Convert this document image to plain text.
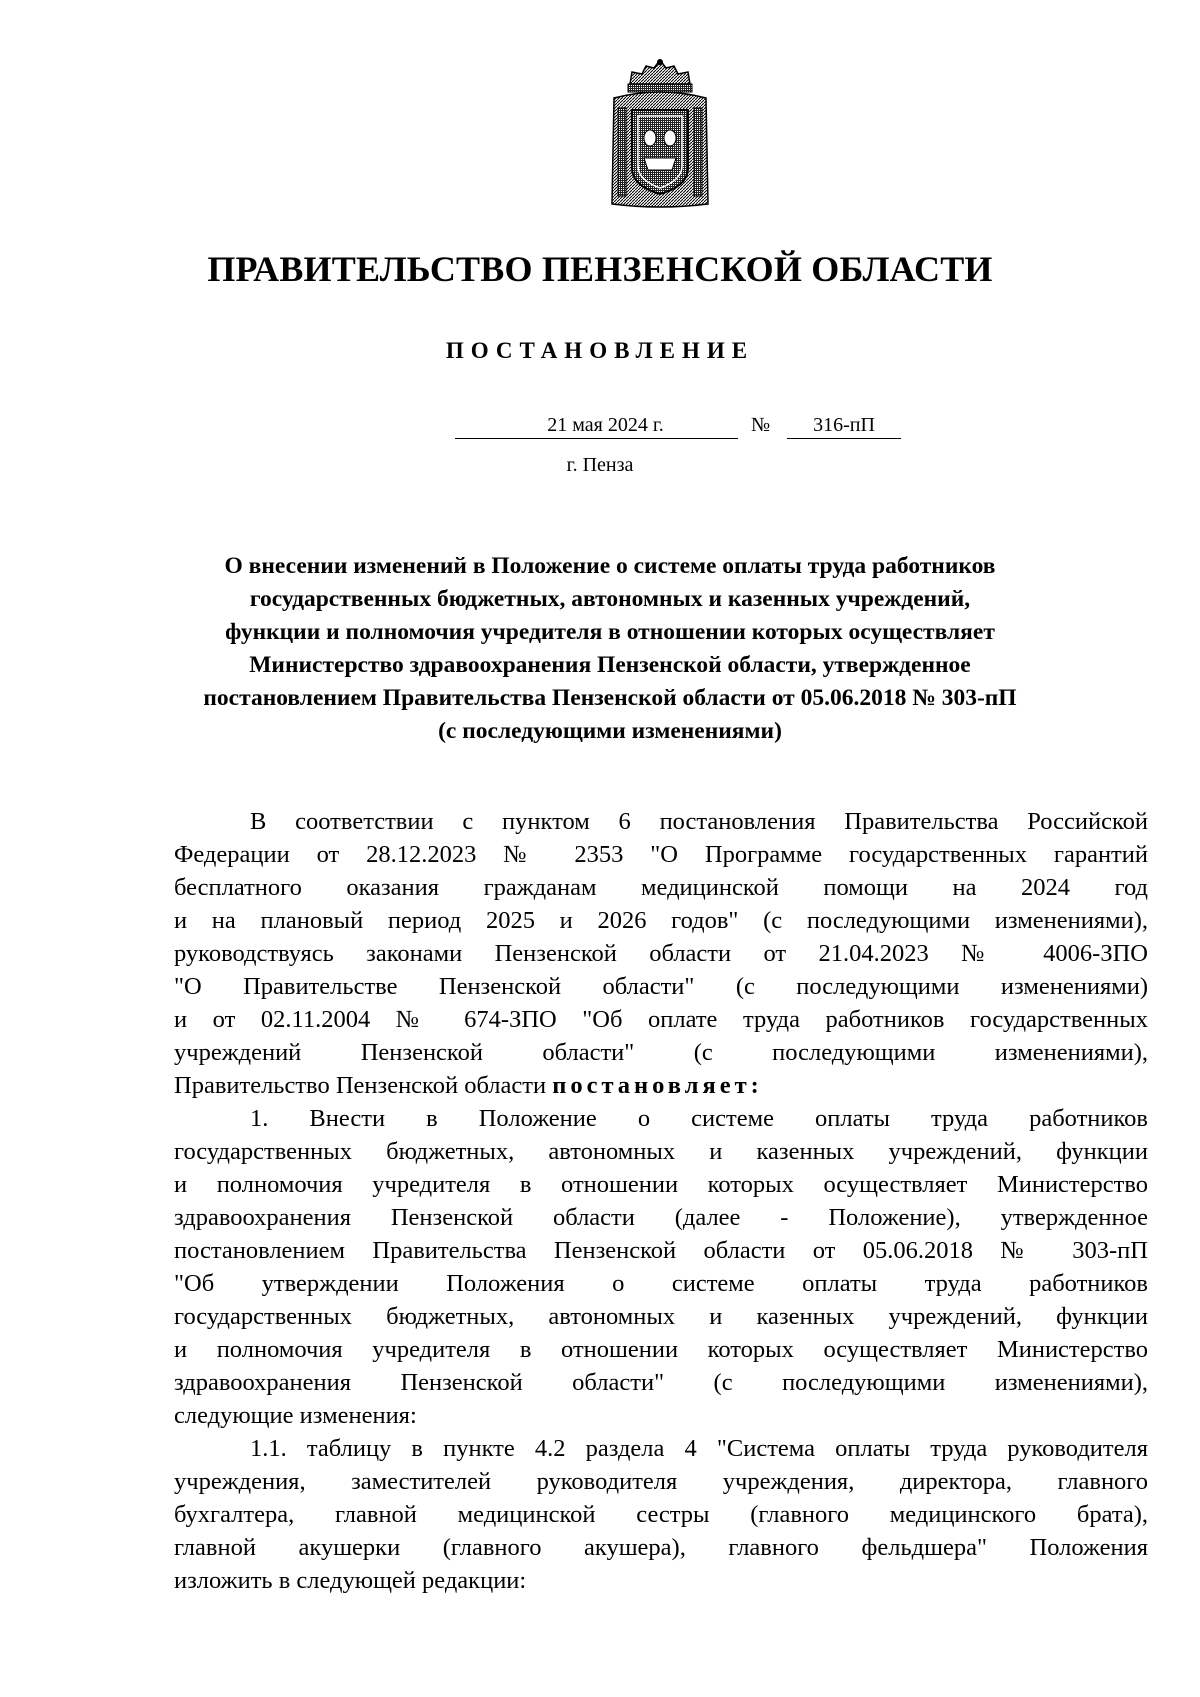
ПРАВИТЕЛЬСТВО ПЕНЗЕНСКОЙ ОБЛАСТИ
ПОСТАНОВЛЕНИЕ
21 мая 2024 г.	№	316-пП
г. Пенза
О внесении изменений в Положение о системе оплаты труда работников
государственных бюджетных, автономных и казенных учреждений,
функции и полномочия учредителя в отношении которых осуществляет
Министерство здравоохранения Пензенской области, утвержденное
постановлением Правительства Пензенской области от 05.06.2018 № 303-пП
(с последующими изменениями)
В соответствии с пунктом 6 постановления Правительства Российской
Федерации от 28.12.2023 № 2353 "О Программе государственных гарантий
бесплатного оказания гражданам медицинской помощи на 2024 год
и на плановый период 2025 и 2026 годов" (с последующими изменениями),
руководствуясь законами Пензенской области от 21.04.2023 № 4006-ЗПО
"О Правительстве Пензенской области" (с последующими изменениями)
и от 02.11.2004 № 674-ЗПО "Об оплате труда работников государственных
учреждений Пензенской области" (с последующими изменениями),
Правительство Пензенской области постановляет:
1. Внести в Положение о системе оплаты труда работников
государственных бюджетных, автономных и казенных учреждений, функции
и полномочия учредителя в отношении которых осуществляет Министерство
здравоохранения Пензенской области (далее - Положение), утвержденное
постановлением Правительства Пензенской области от 05.06.2018 № 303-пП
"Об утверждении Положения о системе оплаты труда работников
государственных бюджетных, автономных и казенных учреждений, функции
и полномочия учредителя в отношении которых осуществляет Министерство
здравоохранения Пензенской области" (с последующими изменениями),
следующие изменения:
1.1. таблицу в пункте 4.2 раздела 4 "Система оплаты труда руководителя
учреждения, заместителей руководителя учреждения, директора, главного
бухгалтера, главной медицинской сестры (главного медицинского брата),
главной акушерки (главного акушера), главного фельдшера" Положения
изложить в следующей редакции:
